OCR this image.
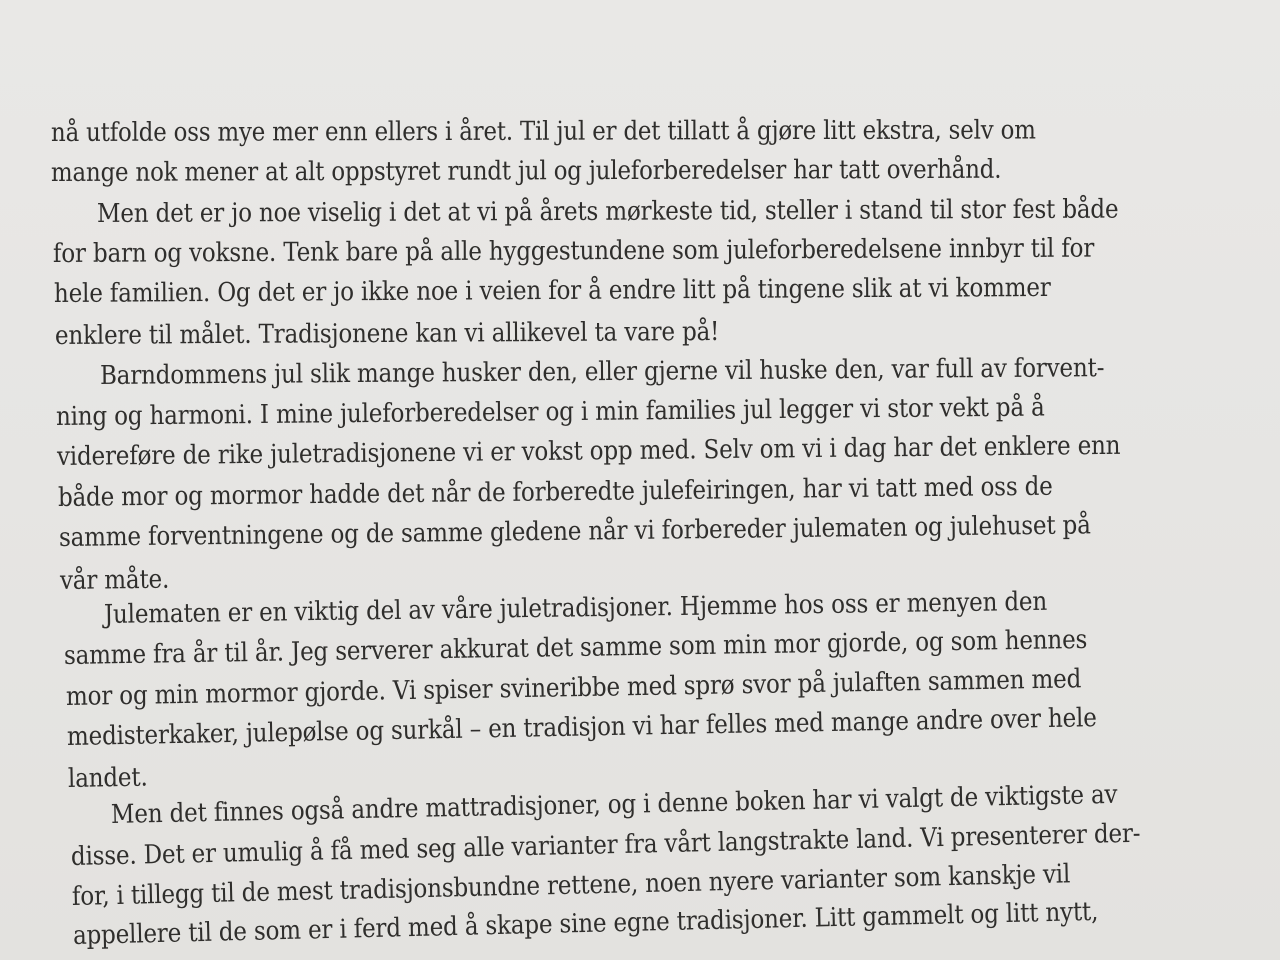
nå utfolde oss mye mer enn ellers i året. Til jul er det tillatt å gjøre litt ekstra, selv om
mange nok mener at alt oppstyret rundt jul og juleforberedelser har tatt overhånd.
Men det er jo noe viselig i det at vi på årets mørkeste tid, steller i stand til stor fest både
for barn og voksne. Tenk bare på alle hyggestundene som juleforberedelsene innbyr til for
hele familien. Og det er jo ikke noe i veien for å endre litt på tingene slik at vi kommer
enklere til målet. Tradisjonene kan vi allikevel ta vare på!
Barndommens jul slik mange husker den, eller gjerne vil huske den, var full av forvent-
ning og harmoni. I mine juleforberedelser og i min families jul legger vi stor vekt på å
videreføre de rike juletradisjonene vi er vokst opp med. Selv om vi i dag har det enklere enn
både mor og mormor hadde det når de forberedte julefeiringen, har vi tatt med oss de
samme forventningene og de samme gledene når vi forbereder julematen og julehuset på
vår måte.
Julematen er en viktig del av våre juletradisjoner. Hjemme hos oss er menyen den
samme fra år til år. Jeg serverer akkurat det samme som min mor gjorde, og som hennes
mor og min mormor gjorde. Vi spiser svineribbe med sprø svor på julaften sammen med
medisterkaker, julepølse og surkål – en tradisjon vi har felles med mange andre over hele
landet.
Men det finnes også andre mattradisjoner, og i denne boken har vi valgt de viktigste av
disse. Det er umulig å få med seg alle varianter fra vårt langstrakte land. Vi presenterer der-
for, i tillegg til de mest tradisjonsbundne rettene, noen nyere varianter som kanskje vil
appellere til de som er i ferd med å skape sine egne tradisjoner. Litt gammelt og litt nytt,
